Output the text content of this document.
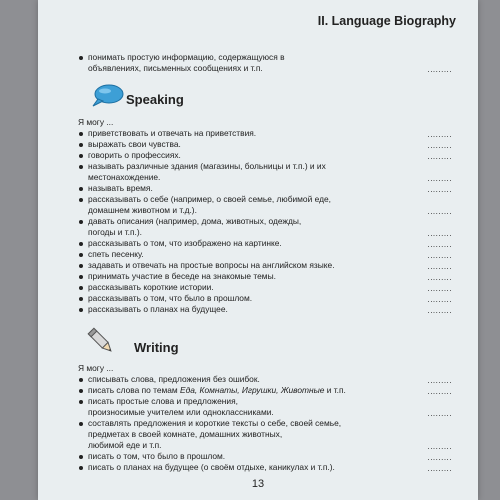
II. Language Biography
понимать простую информацию, содержащуюся в
объявлениях, письменных сообщениях и т.п.	.........
Speaking
Я могу ...
приветствовать и отвечать на приветствия.	.........
выражать свои чувства.	.........
говорить о профессиях.	.........
называть различные здания (магазины, больницы и т.п.) и их
местонахождение.	.........
называть время.	.........
рассказывать о себе (например, о своей семье, любимой еде,
домашнем животном и т.д.).	.........
давать описания (например, дома, животных, одежды,
погоды и т.п.).	.........
рассказывать о том, что изображено на картинке.	.........
спеть песенку.	.........
задавать и отвечать на простые вопросы на английском языке.	.........
принимать участие в беседе на знакомые темы.	.........
рассказывать короткие истории.	.........
рассказывать о том, что было в прошлом.	.........
рассказывать о планах на будущее.	.........
Writing
Я могу ...
списывать слова, предложения без ошибок.	.........
писать слова по темам Еда, Комнаты, Игрушки, Животные и т.п.	.........
писать простые слова и предложения,
произносимые учителем или одноклассниками.	.........
составлять предложения и короткие тексты о себе, своей семье,
предметах в своей комнате, домашних животных,
любимой еде и т.п.	.........
писать о том, что было в прошлом.	.........
писать о планах на будущее (о своём отдыхе, каникулах и т.п.).	.........
13
